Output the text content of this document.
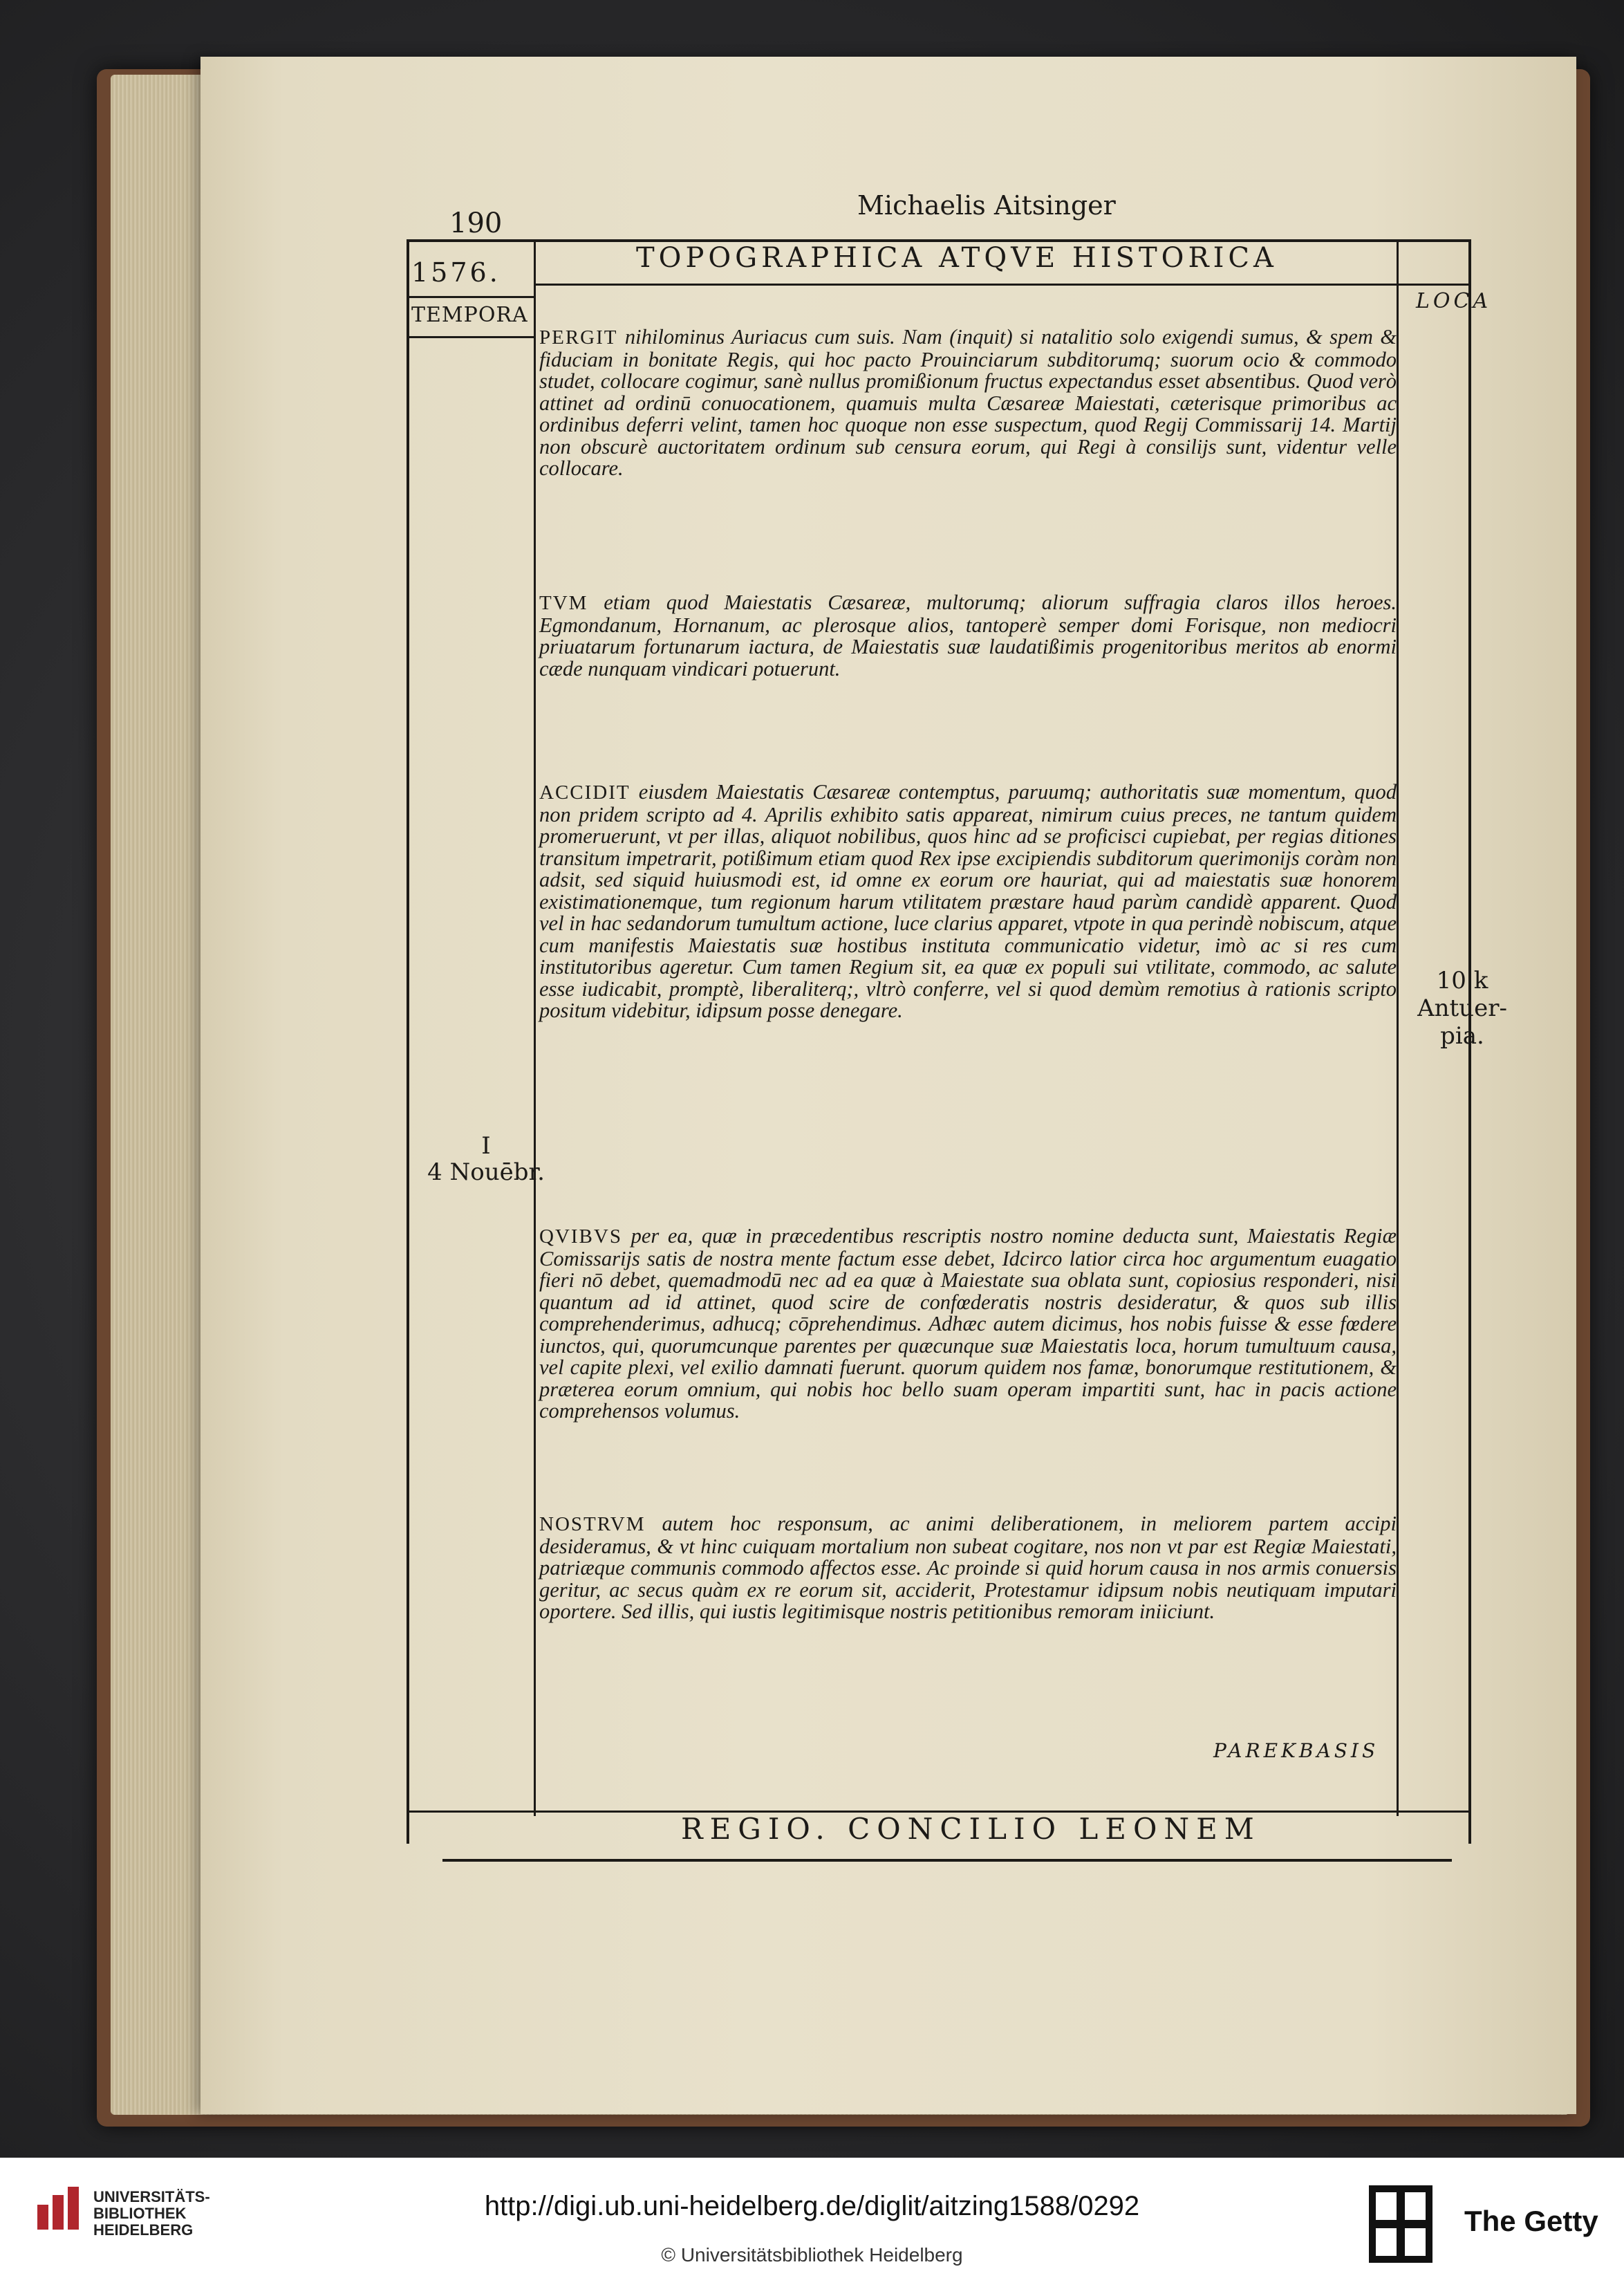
190
Michaelis Aitsinger
1576.	TOPOGRAPHICA ATQVE HISTORICA
TEMPORA
LOCA
PERGIT nihilominus Auriacus cum suis. Nam (inquit) si natalitio solo exigendi sumus, & spem & fiduciam in bonitate Regis, qui hoc pacto Prouinciarum subditorumq; suorum ocio & commodo studet, collocare cogimur, sanè nullus promißionum fructus expectandus esset absentibus. Quod verò attinet ad ordinū conuocationem, quamuis multa Cæsareæ Maiestati, cæterisque primoribus ac ordinibus deferri velint, tamen hoc quoque non esse suspectum, quod Regij Commissarij 14. Martij non obscurè auctoritatem ordinum sub censura eorum, qui Regi à consilijs sunt, videntur velle collocare.
TVM etiam quod Maiestatis Cæsareæ, multorumq; aliorum suffragia claros illos heroes. Egmondanum, Hornanum, ac plerosque alios, tantoperè semper domi Forisque, non mediocri priuatarum fortunarum iactura, de Maiestatis suæ laudatißimis progenitoribus meritos ab enormi cæde nunquam vindicari potuerunt.
ACCIDIT eiusdem Maiestatis Cæsareæ contemptus, paruumq; authoritatis suæ momentum, quod non pridem scripto ad 4. Aprilis exhibito satis appareat, nimirum cuius preces, ne tantum quidem promeruerunt, vt per illas, aliquot nobilibus, quos hinc ad se proficisci cupiebat, per regias ditiones transitum impetrarit, potißimum etiam quod Rex ipse excipiendis subditorum querimonijs coràm non adsit, sed siquid huiusmodi est, id omne ex eorum ore hauriat, qui ad maiestatis suæ honorem existimationemque, tum regionum harum vtilitatem præstare haud parùm candidè apparent. Quod vel in hac sedandorum tumultum actione, luce clarius apparet, vtpote in qua perindè nobiscum, atque cum manifestis Maiestatis suæ hostibus instituta communicatio videtur, imò ac si res cum institutoribus ageretur. Cum tamen Regium sit, ea quæ ex populi sui vtilitate, commodo, ac salute esse iudicabit, promptè, liberaliterq;, vltrò conferre, vel si quod demùm remotius à rationis scripto positum videbitur, idipsum posse denegare.
QVIBVS per ea, quæ in præcedentibus rescriptis nostro nomine deducta sunt, Maiestatis Regiæ Comissarijs satis de nostra mente factum esse debet, Idcirco latior circa hoc argumentum euagatio fieri nō debet, quemadmodū nec ad ea quæ à Maiestate sua oblata sunt, copiosius responderi, nisi quantum ad id attinet, quod scire de confœderatis nostris desideratur, & quos sub illis comprehenderimus, adhucq; cōprehendimus. Adhæc autem dicimus, hos nobis fuisse & esse fœdere iunctos, qui, quorumcunque parentes per quæcunque suæ Maiestatis loca, horum tumultuum causa, vel capite plexi, vel exilio damnati fuerunt. quorum quidem nos famæ, bonorumque restitutionem, & præterea eorum omnium, qui nobis hoc bello suam operam impartiti sunt, hac in pacis actione comprehensos volumus.
NOSTRVM autem hoc responsum, ac animi deliberationem, in meliorem partem accipi desideramus, & vt hinc cuiquam mortalium non subeat cogitare, nos non vt par est Regiæ Maiestati, patriæque communis commodo affectos esse. Ac proinde si quid horum causa in nos armis conuersis geritur, ac secus quàm ex re eorum sit, acciderit, Protestamur idipsum nobis neutiquam imputari oportere. Sed illis, qui iustis legitimisque nostris petitionibus remoram iniiciunt.
I
4 Nouēbr.
10 k
Antuer-
pia.
PAREKBASIS
REGIO. CONCILIO LEONEM
UNIVERSITÄTS-
BIBLIOTHEK
HEIDELBERG
http://digi.ub.uni-heidelberg.de/diglit/aitzing1588/0292
© Universitätsbibliothek Heidelberg
The Getty
